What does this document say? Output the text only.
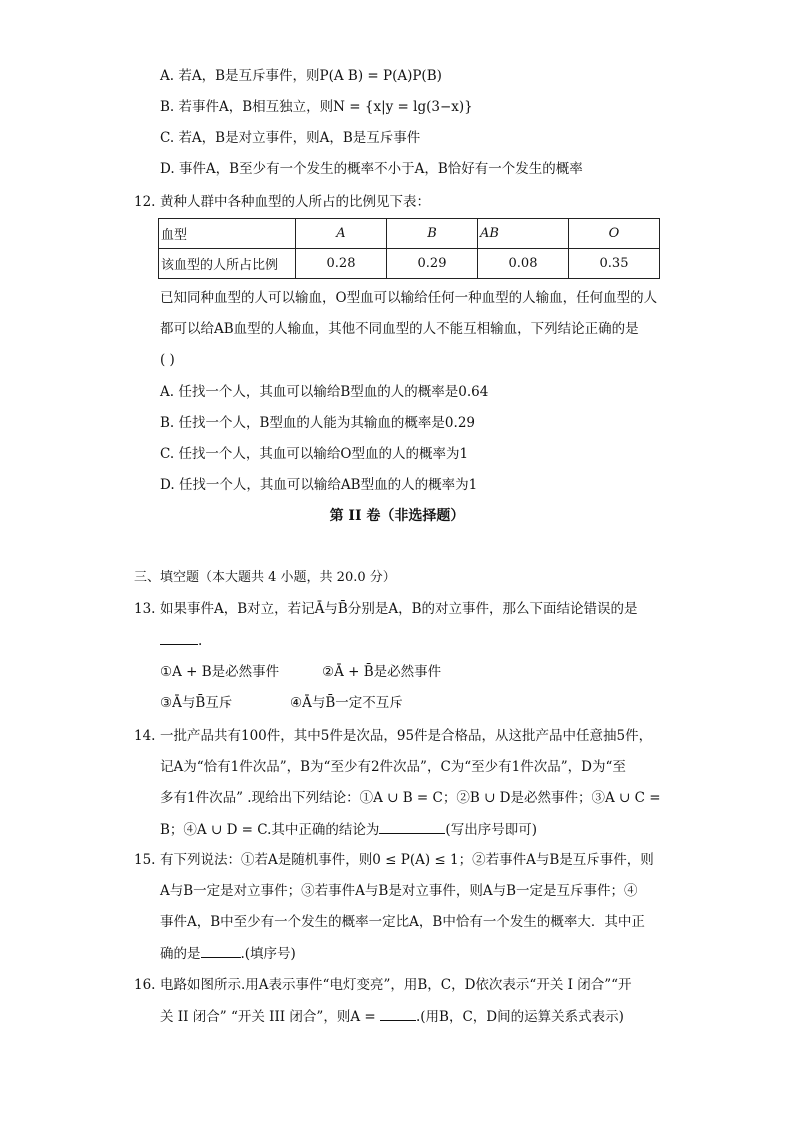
A. 若A，B是互斥事件，则P(A B) = P(A)P(B)
B. 若事件A，B相互独立，则N = {x|y = lg(3−x)}
C. 若A，B是对立事件，则A，B是互斥事件
D. 事件A，B至少有一个发生的概率不小于A，B恰好有一个发生的概率
12. 黄种人群中各种血型的人所占的比例见下表：
血型	A	B	AB	O
该血型的人所占比例	0.28	0.29	0.08	0.35
已知同种血型的人可以输血，O型血可以输给任何一种血型的人输血，任何血型的人
都可以给AB血型的人输血，其他不同血型的人不能互相输血，下列结论正确的是
( )
A. 任找一个人，其血可以输给B型血的人的概率是0.64
B. 任找一个人，B型血的人能为其输血的概率是0.29
C. 任找一个人，其血可以输给O型血的人的概率为1
D. 任找一个人，其血可以输给AB型血的人的概率为1
第 II 卷（非选择题）
三、填空题（本大题共 4 小题，共 20.0 分）
13. 如果事件A，B对立，若记Ā与B̄分别是A，B的对立事件，那么下面结论错误的是
.
①A + B是必然事件	②Ā + B̄是必然事件
③Ā与B̄互斥	④Ā与B̄一定不互斥
14. 一批产品共有100件，其中5件是次品，95件是合格品，从这批产品中任意抽5件，
记A为“恰有1件次品”，B为“至少有2件次品”，C为“至少有1件次品”，D为“至
多有1件次品” .现给出下列结论：①A ∪ B = C；②B ∪ D是必然事件；③A ∪ C =
B；④A ∪ D = C.其中正确的结论为	(写出序号即可)
15. 有下列说法：①若A是随机事件，则0 ≤ P(A) ≤ 1；②若事件A与B是互斥事件，则
A与B一定是对立事件；③若事件A与B是对立事件，则A与B一定是互斥事件；④
事件A，B中至少有一个发生的概率一定比A，B中恰有一个发生的概率大．其中正
确的是	.(填序号)
16. 电路如图所示.用A表示事件“电灯变亮”，用B，C，D依次表示“开关 I 闭合”“开
关 II 闭合” “开关 III 闭合”，则A =	.(用B，C，D间的运算关系式表示)
